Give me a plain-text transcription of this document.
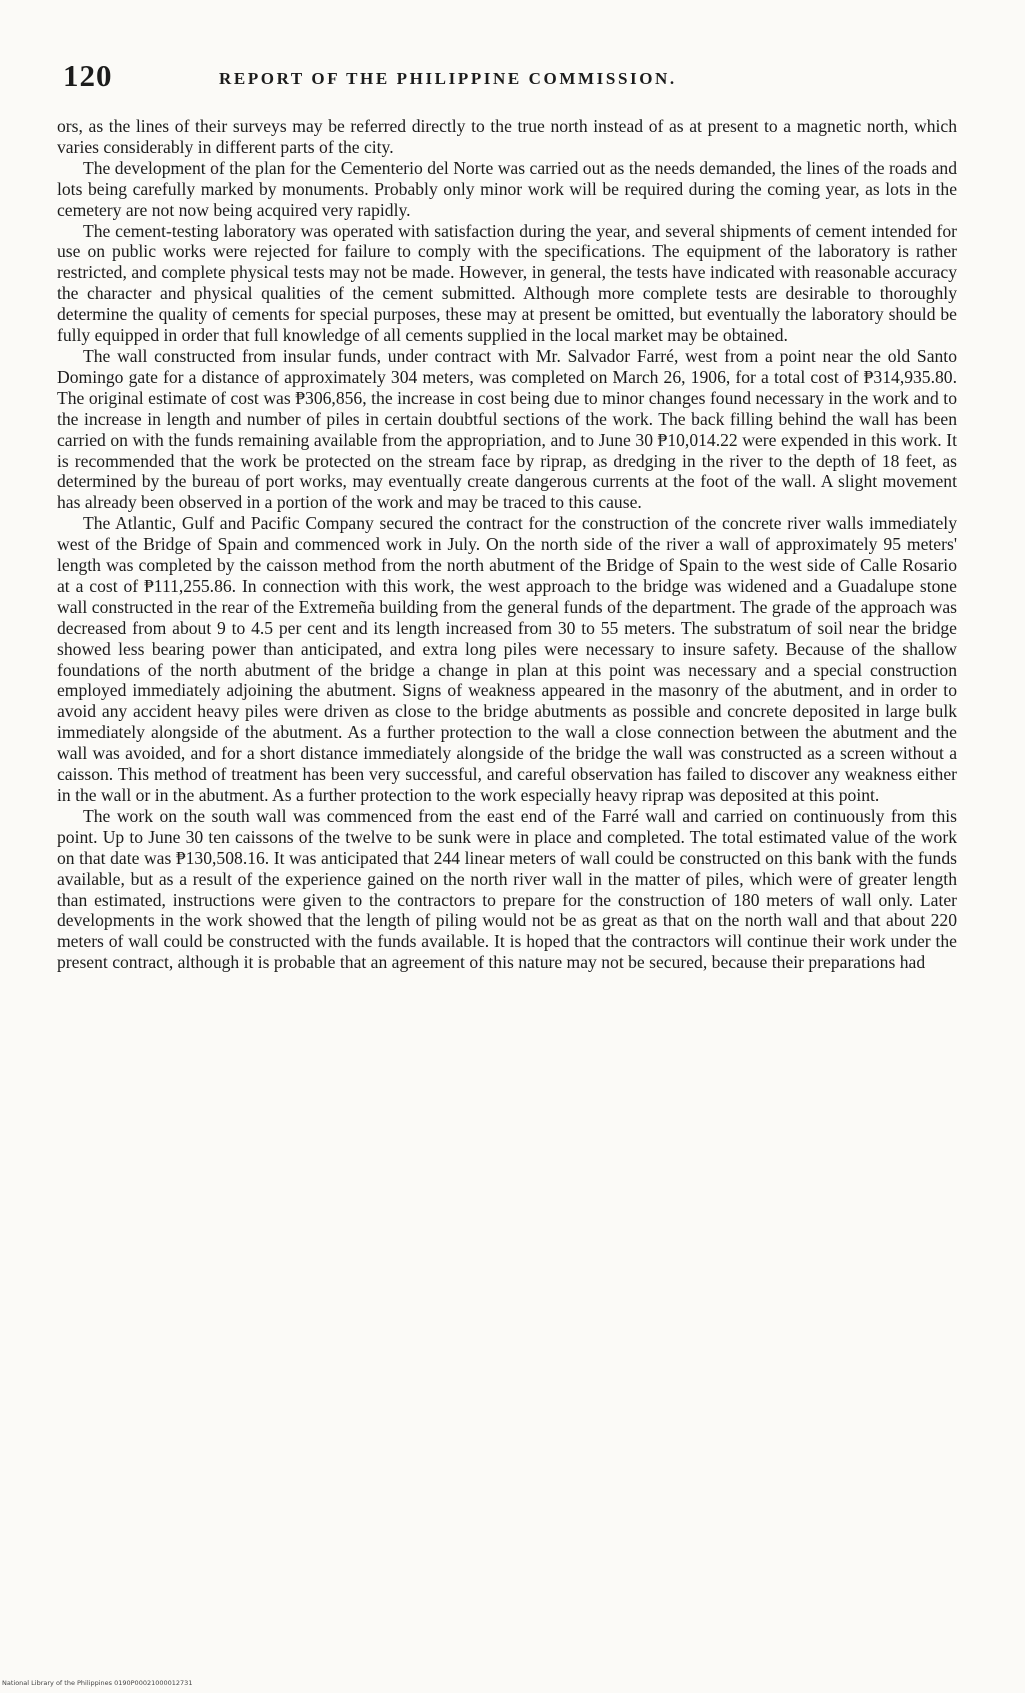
120	REPORT OF THE PHILIPPINE COMMISSION.

ors, as the lines of their surveys may be referred directly to the true north instead of as at present to a magnetic north, which varies considerably in different parts of the city.

The development of the plan for the Cementerio del Norte was carried out as the needs demanded, the lines of the roads and lots being carefully marked by monuments. Probably only minor work will be required during the coming year, as lots in the cemetery are not now being acquired very rapidly.

The cement-testing laboratory was operated with satisfaction during the year, and several shipments of cement intended for use on public works were rejected for failure to comply with the specifications. The equipment of the laboratory is rather restricted, and complete physical tests may not be made. However, in general, the tests have indicated with reasonable accuracy the character and physical qualities of the cement submitted. Although more complete tests are desirable to thoroughly determine the quality of cements for special purposes, these may at present be omitted, but eventually the laboratory should be fully equipped in order that full knowledge of all cements supplied in the local market may be obtained.

The wall constructed from insular funds, under contract with Mr. Salvador Farré, west from a point near the old Santo Domingo gate for a distance of approximately 304 meters, was completed on March 26, 1906, for a total cost of ₱314,935.80. The original estimate of cost was ₱306,856, the increase in cost being due to minor changes found necessary in the work and to the increase in length and number of piles in certain doubtful sections of the work. The back filling behind the wall has been carried on with the funds remaining available from the appropriation, and to June 30 ₱10,014.22 were expended in this work. It is recommended that the work be protected on the stream face by riprap, as dredging in the river to the depth of 18 feet, as determined by the bureau of port works, may eventually create dangerous currents at the foot of the wall. A slight movement has already been observed in a portion of the work and may be traced to this cause.

The Atlantic, Gulf and Pacific Company secured the contract for the construction of the concrete river walls immediately west of the Bridge of Spain and commenced work in July. On the north side of the river a wall of approximately 95 meters' length was completed by the caisson method from the north abutment of the Bridge of Spain to the west side of Calle Rosario at a cost of ₱111,255.86. In connection with this work, the west approach to the bridge was widened and a Guadalupe stone wall constructed in the rear of the Extremeña building from the general funds of the department. The grade of the approach was decreased from about 9 to 4.5 per cent and its length increased from 30 to 55 meters. The substratum of soil near the bridge showed less bearing power than anticipated, and extra long piles were necessary to insure safety. Because of the shallow foundations of the north abutment of the bridge a change in plan at this point was necessary and a special construction employed immediately adjoining the abutment. Signs of weakness appeared in the masonry of the abutment, and in order to avoid any accident heavy piles were driven as close to the bridge abutments as possible and concrete deposited in large bulk immediately alongside of the abutment. As a further protection to the wall a close connection between the abutment and the wall was avoided, and for a short distance immediately alongside of the bridge the wall was constructed as a screen without a caisson. This method of treatment has been very successful, and careful observation has failed to discover any weakness either in the wall or in the abutment. As a further protection to the work especially heavy riprap was deposited at this point.

The work on the south wall was commenced from the east end of the Farré wall and carried on continuously from this point. Up to June 30 ten caissons of the twelve to be sunk were in place and completed. The total estimated value of the work on that date was ₱130,508.16. It was anticipated that 244 linear meters of wall could be constructed on this bank with the funds available, but as a result of the experience gained on the north river wall in the matter of piles, which were of greater length than estimated, instructions were given to the contractors to prepare for the construction of 180 meters of wall only. Later developments in the work showed that the length of piling would not be as great as that on the north wall and that about 220 meters of wall could be constructed with the funds available. It is hoped that the contractors will continue their work under the present contract, although it is probable that an agreement of this nature may not be secured, because their preparations had

National Library of the Philippines 0190P00021000012731
